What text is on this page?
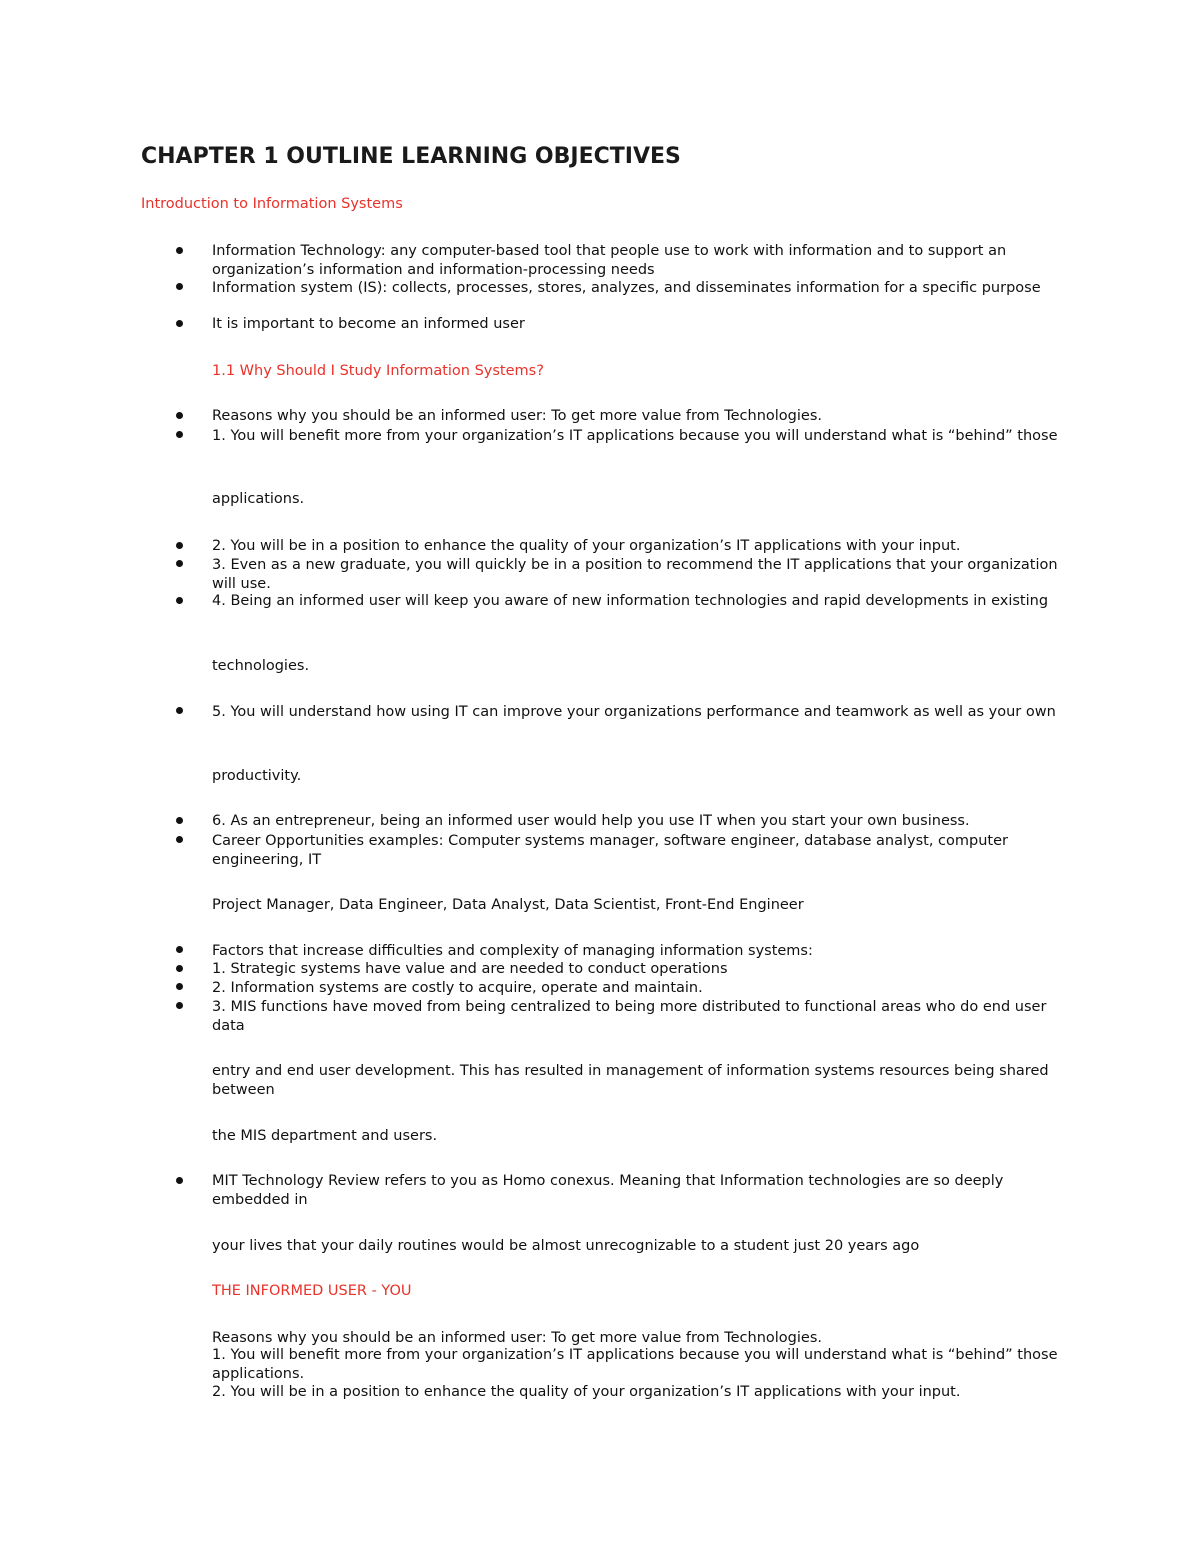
CHAPTER 1 OUTLINE LEARNING OBJECTIVES

Introduction to Information Systems

Information Technology: any computer-based tool that people use to work with information and to support an organization’s information and information-processing needs

Information system (IS): collects, processes, stores, analyzes, and disseminates information for a specific purpose

It is important to become an informed user

1.1 Why Should I Study Information Systems?

Reasons why you should be an informed user: To get more value from Technologies.

1. You will benefit more from your organization’s IT applications because you will understand what is “behind” those

applications.

2. You will be in a position to enhance the quality of your organization’s IT applications with your input.

3. Even as a new graduate, you will quickly be in a position to recommend the IT applications that your organization will use.

4. Being an informed user will keep you aware of new information technologies and rapid developments in existing

technologies.

5. You will understand how using IT can improve your organizations performance and teamwork as well as your own

productivity.

6. As an entrepreneur, being an informed user would help you use IT when you start your own business.

Career Opportunities examples: Computer systems manager, software engineer, database analyst, computer engineering, IT

Project Manager, Data Engineer, Data Analyst, Data Scientist, Front-End Engineer

Factors that increase difficulties and complexity of managing information systems:

1. Strategic systems have value and are needed to conduct operations

2. Information systems are costly to acquire, operate and maintain.

3. MIS functions have moved from being centralized to being more distributed to functional areas who do end user data

entry and end user development. This has resulted in management of information systems resources being shared between

the MIS department and users.

MIT Technology Review refers to you as Homo conexus. Meaning that Information technologies are so deeply embedded in

your lives that your daily routines would be almost unrecognizable to a student just 20 years ago

THE INFORMED USER - YOU

Reasons why you should be an informed user: To get more value from Technologies.

1. You will benefit more from your organization’s IT applications because you will understand what is “behind” those applications.

2. You will be in a position to enhance the quality of your organization’s IT applications with your input.
